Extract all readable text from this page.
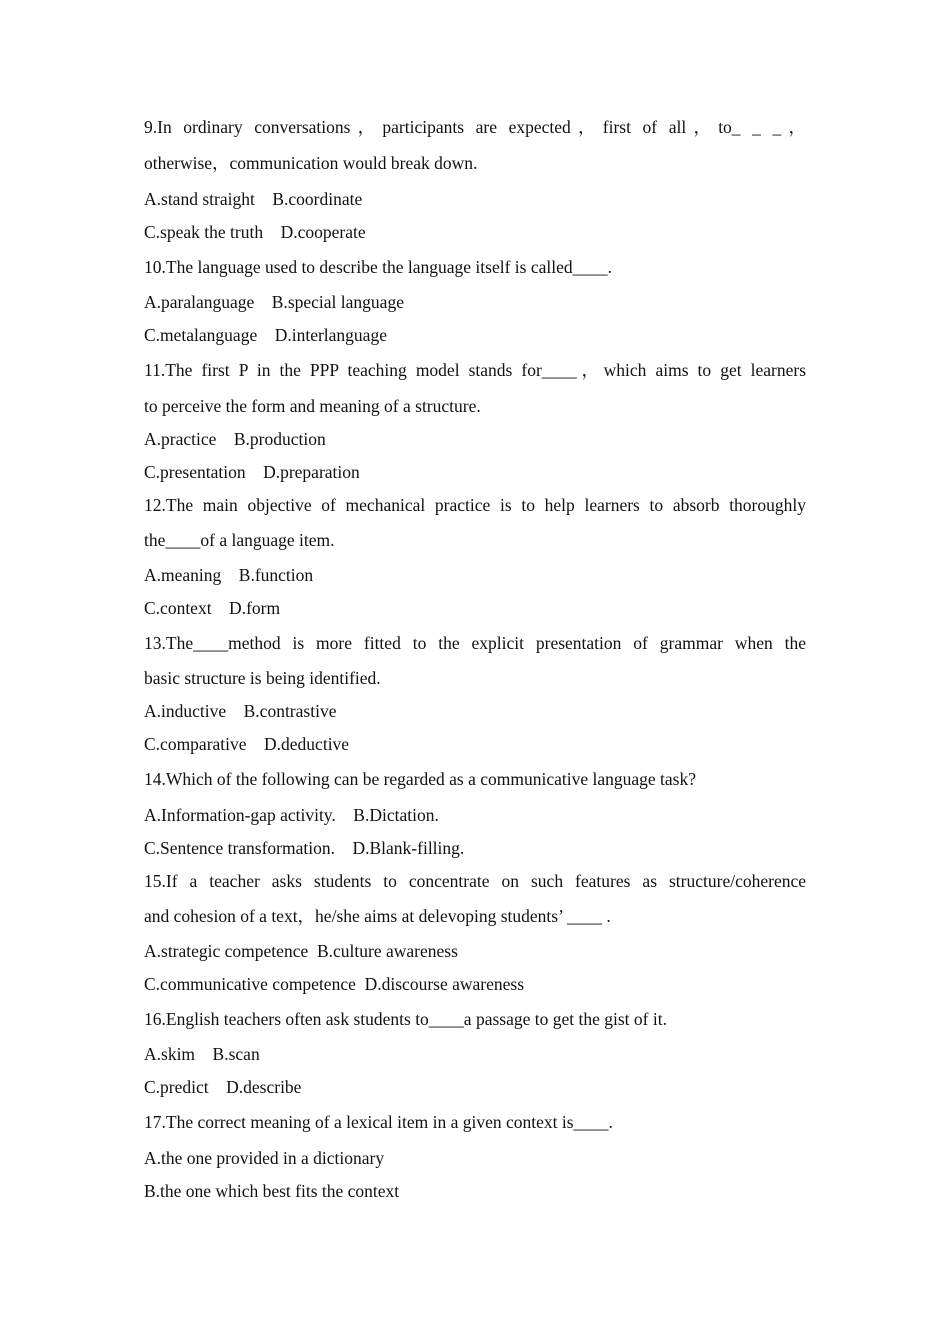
9.In ordinary conversations，participants are expected，first of all，to_ _ _，
otherwise，communication would break down.
A.stand straight B.coordinate
C.speak the truth D.cooperate
10.The language used to describe the language itself is called____.
A.paralanguage B.special language
C.metalanguage D.interlanguage
11.The first P in the PPP teaching model stands for____，which aims to get learners
to perceive the form and meaning of a structure.
A.practice B.production
C.presentation D.preparation
12.The main objective of mechanical practice is to help learners to absorb thoroughly
the____of a language item.
A.meaning B.function
C.context D.form
13.The____method is more fitted to the explicit presentation of grammar when the
basic structure is being identified.
A.inductive B.contrastive
C.comparative D.deductive
14.Which of the following can be regarded as a communicative language task?
A.Information-gap activity. B.Dictation.
C.Sentence transformation. D.Blank-filling.
15.If a teacher asks students to concentrate on such features as structure/coherence
and cohesion of a text，he/she aims at delevoping students’ ____ .
A.strategic competence B.culture awareness
C.communicative competence D.discourse awareness
16.English teachers often ask students to____a passage to get the gist of it.
A.skim B.scan
C.predict D.describe
17.The correct meaning of a lexical item in a given context is____.
A.the one provided in a dictionary
B.the one which best fits the context
